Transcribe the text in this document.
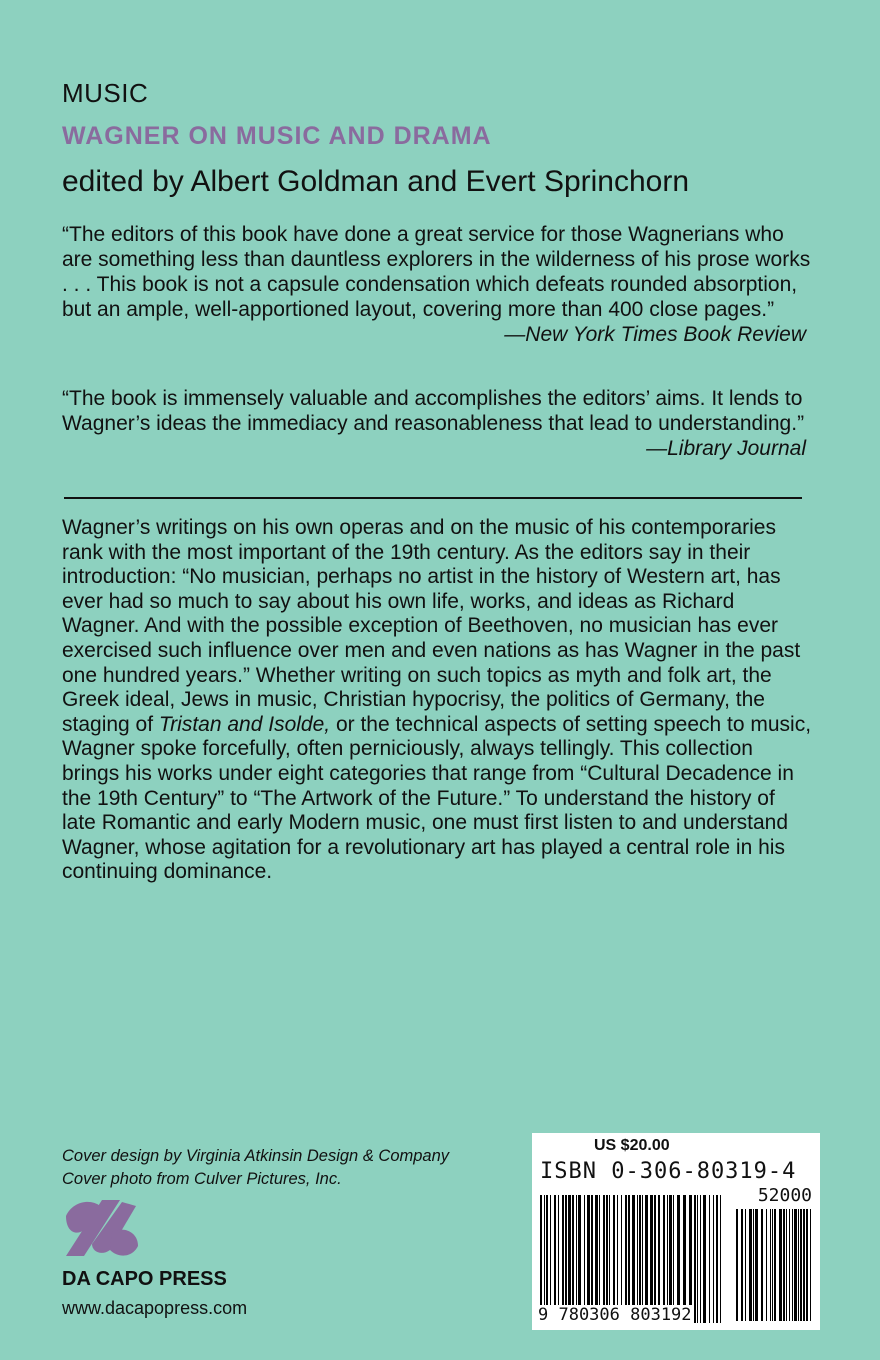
MUSIC
WAGNER ON MUSIC AND DRAMA
edited by Albert Goldman and Evert Sprinchorn

“The editors of this book have done a great service for those Wagnerians who are something less than dauntless explorers in the wilderness of his prose works . . . This book is not a capsule condensation which defeats rounded absorption, but an ample, well-apportioned layout, covering more than 400 close pages.”

—New York Times Book Review

“The book is immensely valuable and accomplishes the editors’ aims. It lends to Wagner’s ideas the immediacy and reasonableness that lead to understanding.”

—Library Journal

Wagner’s writings on his own operas and on the music of his contemporaries rank with the most important of the 19th century. As the editors say in their introduction: “No musician, perhaps no artist in the history of Western art, has ever had so much to say about his own life, works, and ideas as Richard Wagner. And with the possible exception of Beethoven, no musician has ever exercised such influence over men and even nations as has Wagner in the past one hundred years.” Whether writing on such topics as myth and folk art, the Greek ideal, Jews in music, Christian hypocrisy, the politics of Germany, the staging of Tristan and Isolde, or the technical aspects of setting speech to music, Wagner spoke forcefully, often perniciously, always tellingly. This collection brings his works under eight categories that range from “Cultural Decadence in the 19th Century” to “The Artwork of the Future.” To understand the history of late Romantic and early Modern music, one must first listen to and understand Wagner, whose agitation for a revolutionary art has played a central role in his continuing dominance.

Cover design by Virginia Atkinsin Design & Company
Cover photo from Culver Pictures, Inc.
DA CAPO PRESS
www.dacapopress.com
US $20.00
ISBN 0-306-80319-4
52000
9 780306 803192
